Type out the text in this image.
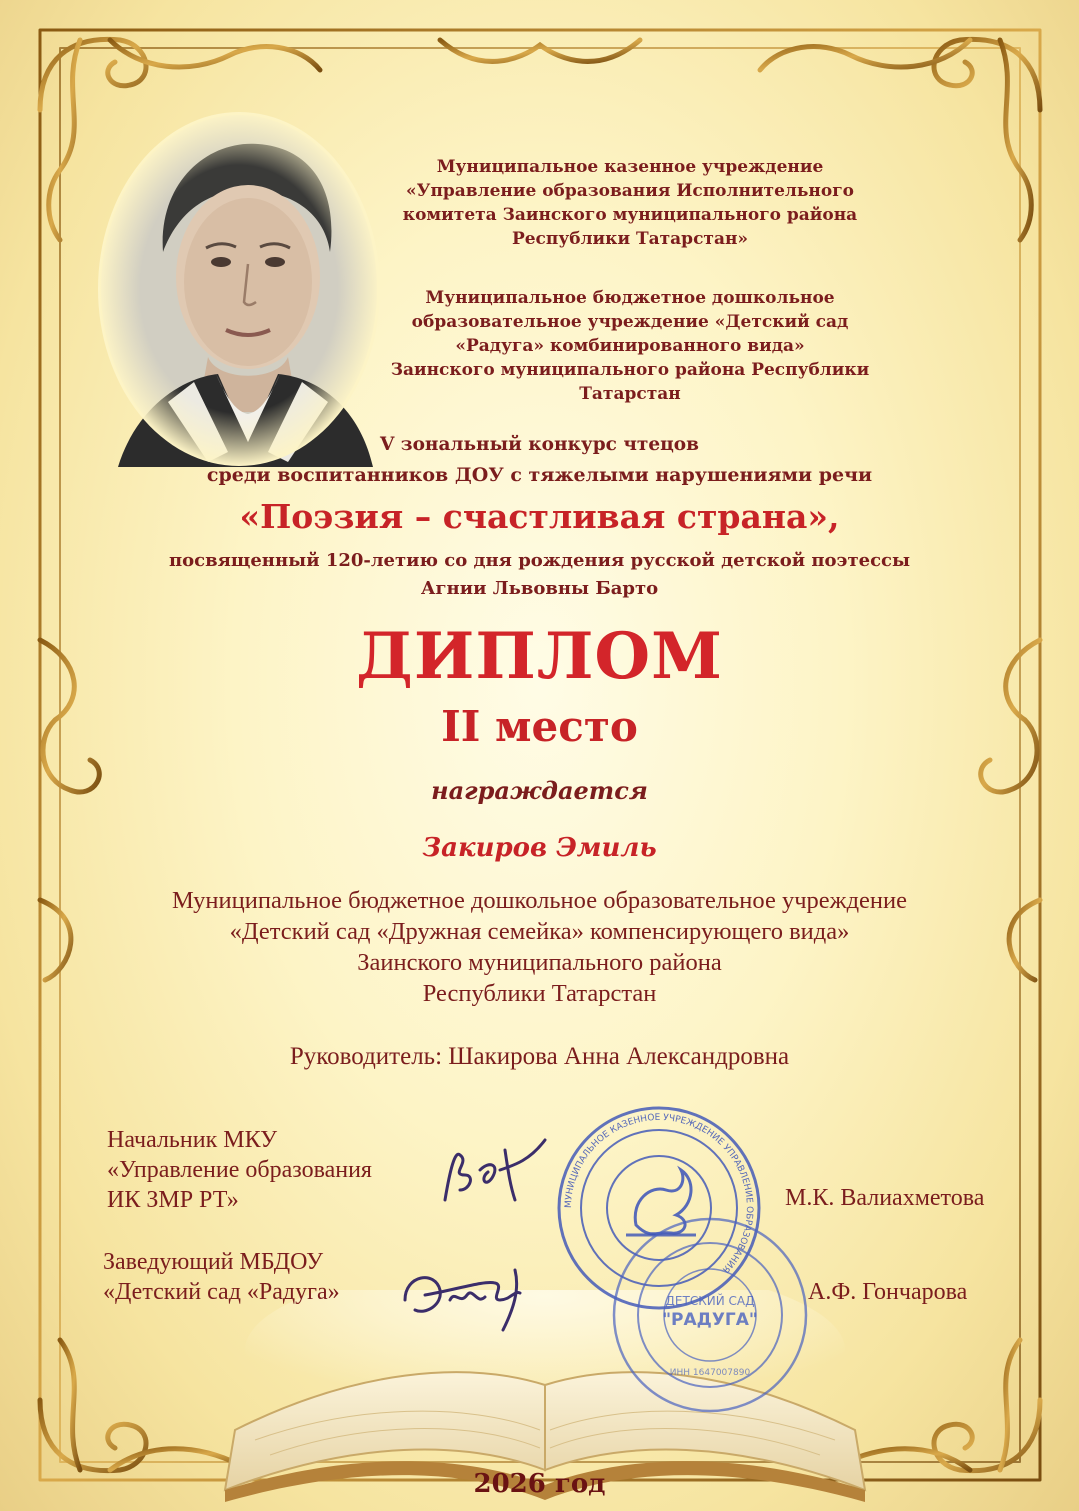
Муниципальное казенное учреждение
«Управление образования Исполнительного
комитета Заинского муниципального района
Республики Татарстан»
Муниципальное бюджетное дошкольное
образовательное учреждение «Детский сад
«Радуга» комбинированного вида»
Заинского муниципального района Республики
Татарстан
V зональный конкурс чтецов
среди воспитанников ДОУ с тяжелыми нарушениями речи
«Поэзия – счастливая страна»,
посвященный 120-летию со дня рождения русской детской поэтессы
Агнии Львовны Барто
ДИПЛОМ
II место
награждается
Закиров Эмиль
Муниципальное бюджетное дошкольное образовательное учреждение
«Детский сад «Дружная семейка» компенсирующего вида»
Заинского муниципального района
Республики Татарстан
Руководитель: Шакирова Анна Александровна
Начальник МКУ
«Управление образования
ИК ЗМР РТ»	М.К. Валиахметова
Заведующий МБДОУ
«Детский сад «Радуга»	А.Ф. Гончарова
МУНИЦИПАЛЬНОЕ КАЗЕННОЕ УЧРЕЖДЕНИЕ УПРАВЛЕНИЕ ОБРАЗОВАНИЯ
ДЕТСКИЙ САД
"РАДУГА"
ИНН 1647007890
2026 год
